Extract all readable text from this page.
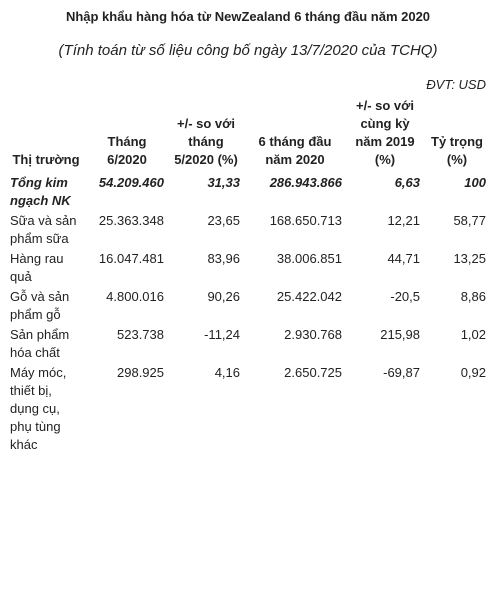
Nhập khẩu hàng hóa từ NewZealand 6 tháng đầu năm 2020
(Tính toán từ số liệu công bố ngày 13/7/2020 của TCHQ)
ĐVT: USD
Thị trường	Tháng 6/2020	+/- so với tháng 5/2020 (%)	6 tháng đầu năm 2020	+/- so với cùng kỳ năm 2019 (%)	Tỷ trọng (%)
Tổng kim ngạch NK	54.209.460	31,33	286.943.866	6,63	100
Sữa và sản phẩm sữa	25.363.348	23,65	168.650.713	12,21	58,77
Hàng rau quả	16.047.481	83,96	38.006.851	44,71	13,25
Gỗ và sản phẩm gỗ	4.800.016	90,26	25.422.042	-20,5	8,86
Sản phẩm hóa chất	523.738	-11,24	2.930.768	215,98	1,02
Máy móc, thiết bị, dụng cụ, phụ tùng khác	298.925	4,16	2.650.725	-69,87	0,92
